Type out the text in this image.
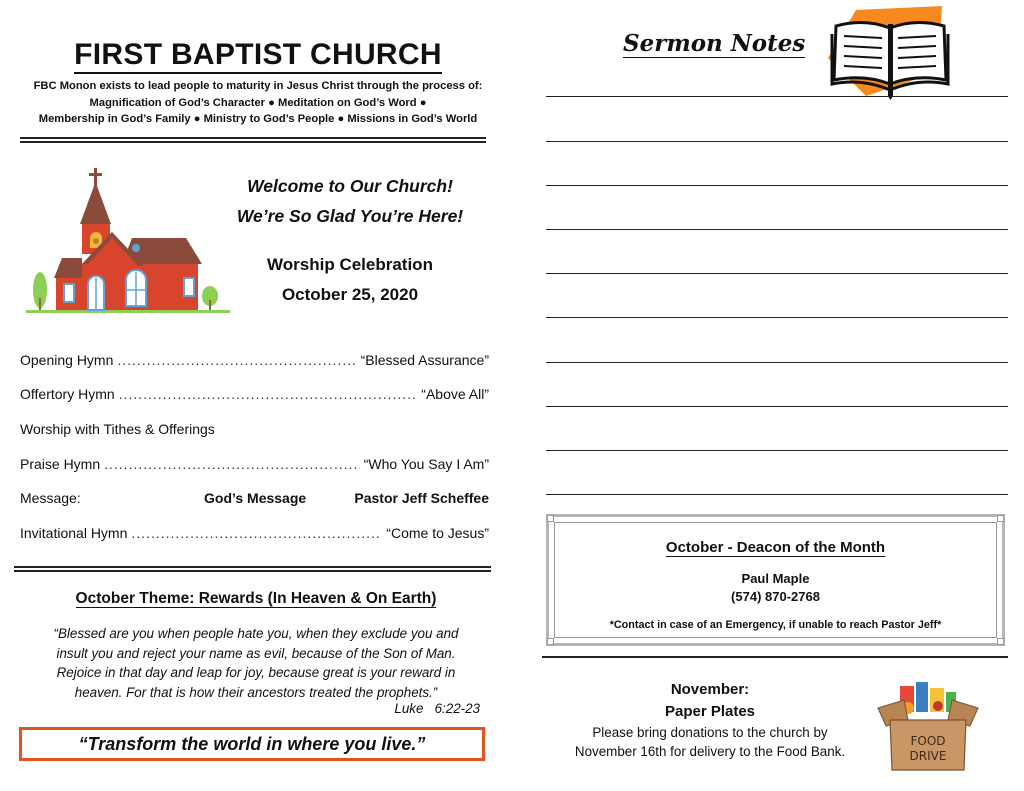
FIRST BAPTIST CHURCH
FBC Monon exists to lead people to maturity in Jesus Christ through the process of:
Magnification of God’s Character ● Meditation on God’s Word ●
Membership in God’s Family ● Ministry to God’s People ● Missions in God’s World
Welcome to Our Church!
We’re So Glad You’re Here!
Worship Celebration
October 25, 2020
Opening Hymn .....	“Blessed Assurance”
Offertory Hymn .....	“Above All”
Worship with Tithes & Offerings
Praise Hymn .....	“Who You Say I Am”
Message:	God’s Message	Pastor Jeff Scheffee
Invitational Hymn .....	“Come to Jesus”
October Theme: Rewards (In Heaven & On Earth)
“Blessed are you when people hate you, when they exclude you and
insult you and reject your name as evil, because of the Son of Man.
Rejoice in that day and leap for joy, because great is your reward in
heaven. For that is how their ancestors treated the prophets.”
Luke   6:22-23
“Transform the world in where you live.”
Sermon Notes
October - Deacon of the Month
Paul Maple
(574) 870-2768
*Contact in case of an Emergency, if unable to reach Pastor Jeff*
November:
Paper Plates
Please bring donations to the church by
November 16th for delivery to the Food Bank.
FOOD
DRIVE
